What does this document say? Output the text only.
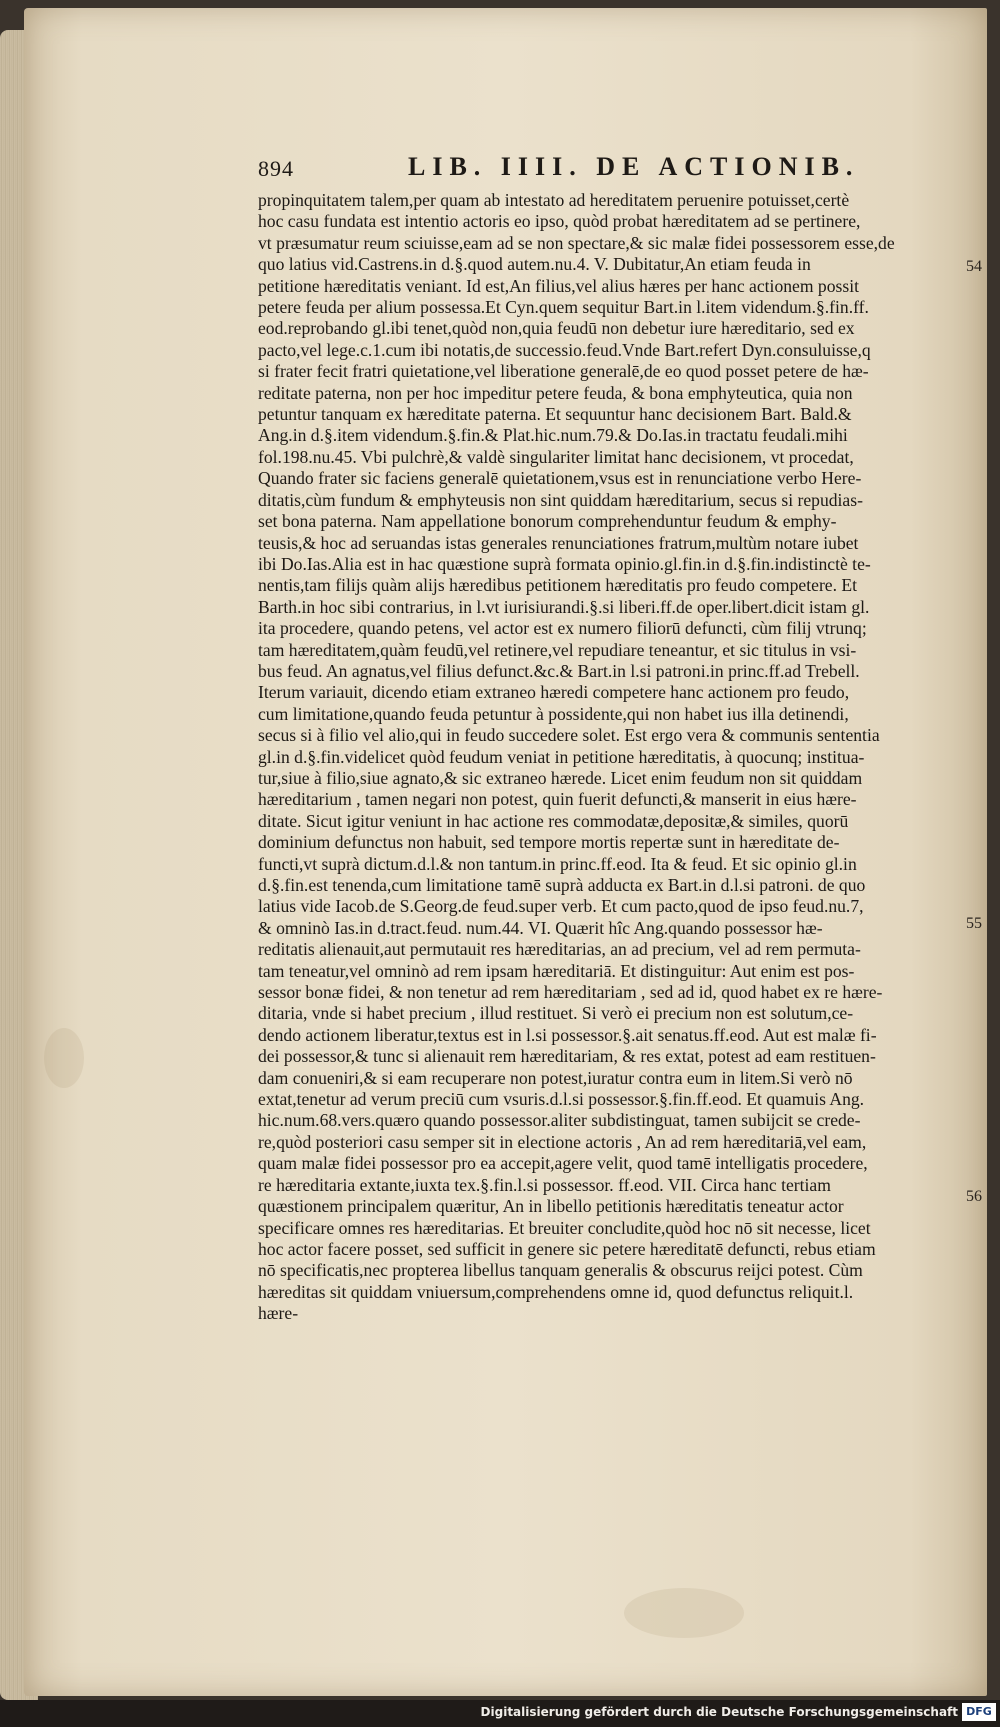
894	LIB. IIII. DE ACTIONIB.
propinquitatem talem,per quam ab intestato ad hereditatem peruenire potuisset,certè
hoc casu fundata est intentio actoris eo ipso, quòd probat hæreditatem ad se pertinere,
vt præsumatur reum sciuisse,eam ad se non spectare,& sic malæ fidei possessorem esse,de
quo latius vid.Castrens.in d.§.quod autem.nu.4. V. Dubitatur,An etiam feuda in
petitione hæreditatis veniant. Id est,An filius,vel alius hæres per hanc actionem possit
petere feuda per alium possessa.Et Cyn.quem sequitur Bart.in l.item videndum.§.fin.ff.
eod.reprobando gl.ibi tenet,quòd non,quia feudū non debetur iure hæreditario, sed ex
pacto,vel lege.c.1.cum ibi notatis,de successio.feud.Vnde Bart.refert Dyn.consuluisse,q
si frater fecit fratri quietatione,vel liberatione generalē,de eo quod posset petere de hæ-
reditate paterna, non per hoc impeditur petere feuda, & bona emphyteutica, quia non
petuntur tanquam ex hæreditate paterna. Et sequuntur hanc decisionem Bart. Bald.&
Ang.in d.§.item videndum.§.fin.& Plat.hic.num.79.& Do.Ias.in tractatu feudali.mihi
fol.198.nu.45. Vbi pulchrè,& valdè singulariter limitat hanc decisionem, vt procedat,
Quando frater sic faciens generalē quietationem,vsus est in renunciatione verbo Here-
ditatis,cùm fundum & emphyteusis non sint quiddam hæreditarium, secus si repudias-
set bona paterna. Nam appellatione bonorum comprehenduntur feudum & emphy-
teusis,& hoc ad seruandas istas generales renunciationes fratrum,multùm notare iubet
ibi Do.Ias.Alia est in hac quæstione suprà formata opinio.gl.fin.in d.§.fin.indistinctè te-
nentis,tam filijs quàm alijs hæredibus petitionem hæreditatis pro feudo competere. Et
Barth.in hoc sibi contrarius, in l.vt iurisiurandi.§.si liberi.ff.de oper.libert.dicit istam gl.
ita procedere, quando petens, vel actor est ex numero filiorū defuncti, cùm filij vtrunq;
tam hæreditatem,quàm feudū,vel retinere,vel repudiare teneantur, et sic titulus in vsi-
bus feud. An agnatus,vel filius defunct.&c.& Bart.in l.si patroni.in princ.ff.ad Trebell.
Iterum variauit, dicendo etiam extraneo hæredi competere hanc actionem pro feudo,
cum limitatione,quando feuda petuntur à possidente,qui non habet ius illa detinendi,
secus si à filio vel alio,qui in feudo succedere solet. Est ergo vera & communis sententia
gl.in d.§.fin.videlicet quòd feudum veniat in petitione hæreditatis, à quocunq; institua-
tur,siue à filio,siue agnato,& sic extraneo hærede. Licet enim feudum non sit quiddam
hæreditarium , tamen negari non potest, quin fuerit defuncti,& manserit in eius hære-
ditate. Sicut igitur veniunt in hac actione res commodatæ,depositæ,& similes, quorū
dominium defunctus non habuit, sed tempore mortis repertæ sunt in hæreditate de-
functi,vt suprà dictum.d.l.& non tantum.in princ.ff.eod. Ita & feud. Et sic opinio gl.in
d.§.fin.est tenenda,cum limitatione tamē suprà adducta ex Bart.in d.l.si patroni. de quo
latius vide Iacob.de S.Georg.de feud.super verb. Et cum pacto,quod de ipso feud.nu.7,
& omninò Ias.in d.tract.feud. num.44. VI. Quærit hîc Ang.quando possessor hæ-
reditatis alienauit,aut permutauit res hæreditarias, an ad precium, vel ad rem permuta-
tam teneatur,vel omninò ad rem ipsam hæreditariā. Et distinguitur: Aut enim est pos-
sessor bonæ fidei, & non tenetur ad rem hæreditariam , sed ad id, quod habet ex re hære-
ditaria, vnde si habet precium , illud restituet. Si verò ei precium non est solutum,ce-
dendo actionem liberatur,textus est in l.si possessor.§.ait senatus.ff.eod. Aut est malæ fi-
dei possessor,& tunc si alienauit rem hæreditariam, & res extat, potest ad eam restituen-
dam conueniri,& si eam recuperare non potest,iuratur contra eum in litem.Si verò nō
extat,tenetur ad verum preciū cum vsuris.d.l.si possessor.§.fin.ff.eod. Et quamuis Ang.
hic.num.68.vers.quæro quando possessor.aliter subdistinguat, tamen subijcit se crede-
re,quòd posteriori casu semper sit in electione actoris , An ad rem hæreditariā,vel eam,
quam malæ fidei possessor pro ea accepit,agere velit, quod tamē intelligatis procedere,
re hæreditaria extante,iuxta tex.§.fin.l.si possessor. ff.eod. VII. Circa hanc tertiam
quæstionem principalem quæritur, An in libello petitionis hæreditatis teneatur actor
specificare omnes res hæreditarias. Et breuiter concludite,quòd hoc nō sit necesse, licet
hoc actor facere posset, sed sufficit in genere sic petere hæreditatē defuncti, rebus etiam
nō specificatis,nec propterea libellus tanquam generalis & obscurus reijci potest. Cùm
hæreditas sit quiddam vniuersum,comprehendens omne id, quod defunctus reliquit.l.
hære-
54
55
56
Digitalisierung gefördert durch die Deutsche Forschungsgemeinschaft DFG
